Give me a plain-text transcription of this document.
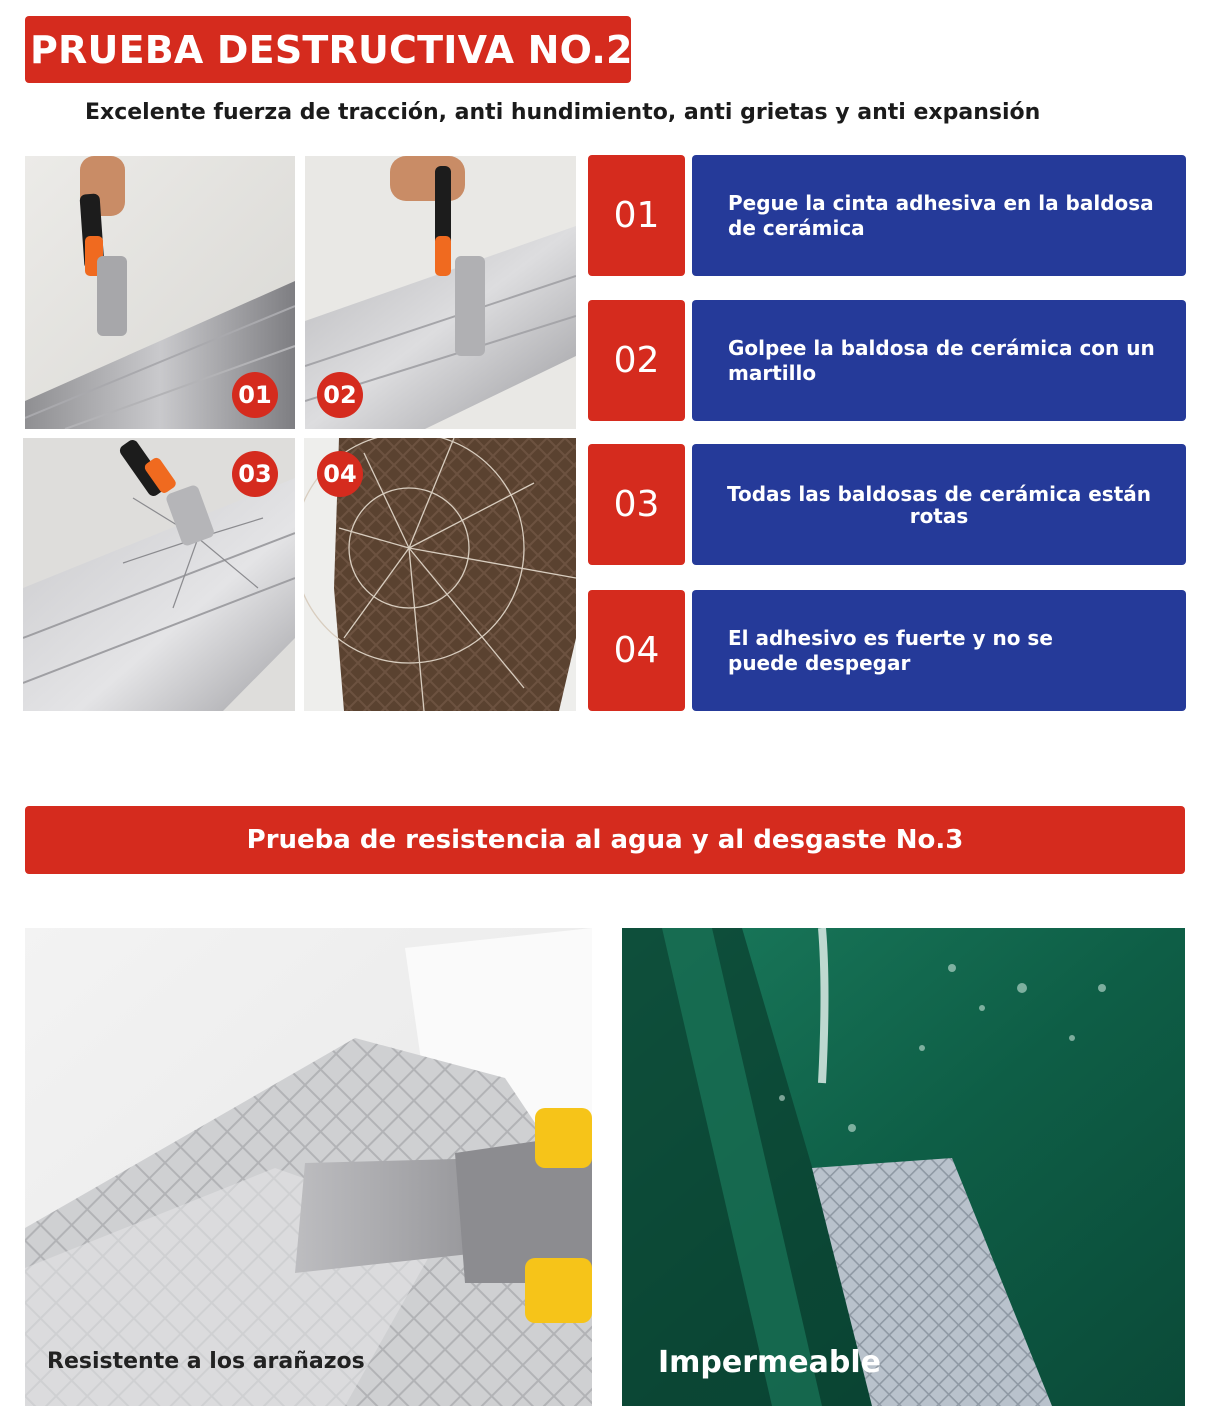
PRUEBA DESTRUCTIVA NO.2
Excelente fuerza de tracción, anti hundimiento, anti grietas y anti expansión
01 02
03 04
01	Pegue la cinta adhesiva en la baldosa de cerámica
02	Golpee la baldosa de cerámica con un martillo
03	Todas las baldosas de cerámica están rotas
04	El adhesivo es fuerte y no se puede despegar
Prueba de resistencia al agua y al desgaste No.3
Resistente a los arañazos	Impermeable
